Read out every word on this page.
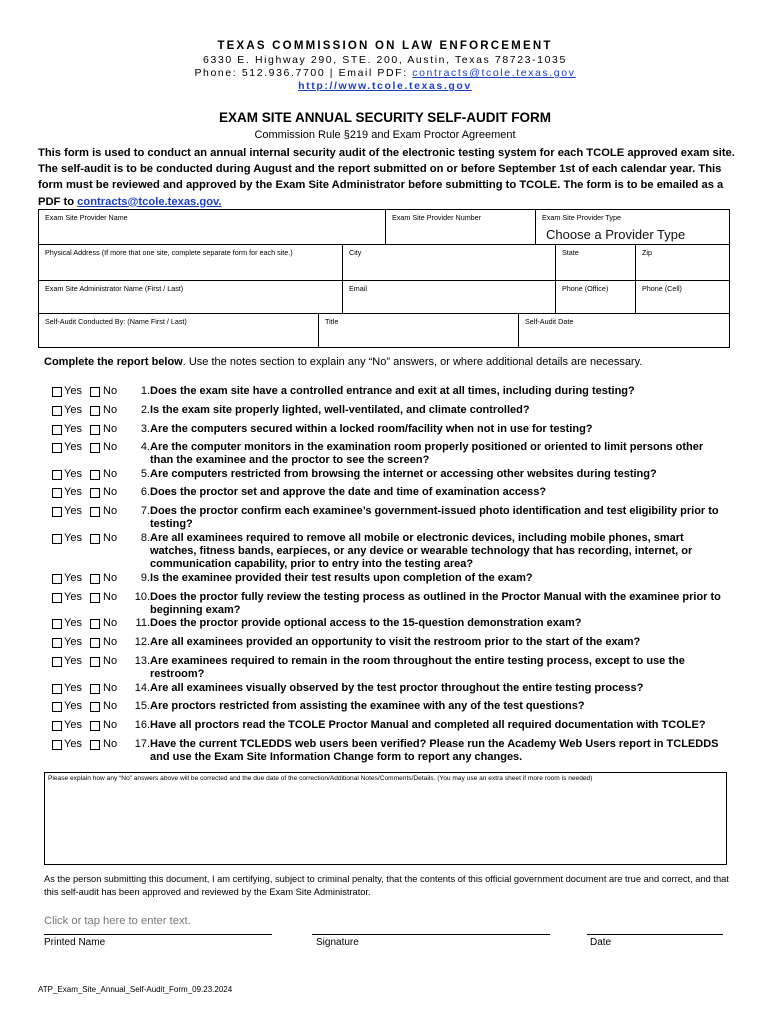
TEXAS COMMISSION ON LAW ENFORCEMENT
6330 E. Highway 290, STE. 200, Austin, Texas 78723-1035
Phone: 512.936.7700 | Email PDF: contracts@tcole.texas.gov
http://www.tcole.texas.gov
EXAM SITE ANNUAL SECURITY SELF-AUDIT FORM
Commission Rule §219 and Exam Proctor Agreement
This form is used to conduct an annual internal security audit of the electronic testing system for each TCOLE approved exam site. The self-audit is to be conducted during August and the report submitted on or before September 1st of each calendar year. This form must be reviewed and approved by the Exam Site Administrator before submitting to TCOLE. The form is to be emailed as a PDF to contracts@tcole.texas.gov.
Exam Site Provider Name	Exam Site Provider Number	Exam Site Provider Type
Choose a Provider Type
Physical Address (If more that one site, complete separate form for each site.)	City	State	Zip
Exam Site Administrator Name (First / Last)	Email	Phone (Office)	Phone (Cell)
Self-Audit Conducted By: (Name First / Last)	Title	Self-Audit Date
Complete the report below. Use the notes section to explain any “No” answers, or where additional details are necessary.
Yes No	1. Does the exam site have a controlled entrance and exit at all times, including during testing?
Yes No	2. Is the exam site properly lighted, well-ventilated, and climate controlled?
Yes No	3. Are the computers secured within a locked room/facility when not in use for testing?
Yes No	4. Are the computer monitors in the examination room properly positioned or oriented to limit persons other than the examinee and the proctor to see the screen?
Yes No	5. Are computers restricted from browsing the internet or accessing other websites during testing?
Yes No	6. Does the proctor set and approve the date and time of examination access?
Yes No	7. Does the proctor confirm each examinee’s government-issued photo identification and test eligibility prior to testing?
Yes No	8. Are all examinees required to remove all mobile or electronic devices, including mobile phones, smart watches, fitness bands, earpieces, or any device or wearable technology that has recording, internet, or communication capability, prior to entry into the testing area?
Yes No	9. Is the examinee provided their test results upon completion of the exam?
Yes No 10. Does the proctor fully review the testing process as outlined in the Proctor Manual with the examinee prior to beginning exam?
Yes No	11. Does the proctor provide optional access to the 15-question demonstration exam?
Yes No 12. Are all examinees provided an opportunity to visit the restroom prior to the start of the exam?
Yes No 13. Are examinees required to remain in the room throughout the entire testing process, except to use the restroom?
Yes No 14. Are all examinees visually observed by the test proctor throughout the entire testing process?
Yes No 15. Are proctors restricted from assisting the examinee with any of the test questions?
Yes No 16. Have all proctors read the TCOLE Proctor Manual and completed all required documentation with TCOLE?
Yes No 17. Have the current TCLEDDS web users been verified? Please run the Academy Web Users report in TCLEDDS and use the Exam Site Information Change form to report any changes.
Please explain how any “No” answers above will be corrected and the due date of the correction/Additional Notes/Comments/Details. (You may use an extra sheet if more room is needed)
As the person submitting this document, I am certifying, subject to criminal penalty, that the contents of this official government document are true and correct, and that this self-audit has been approved and reviewed by the Exam Site Administrator.
Click or tap here to enter text.
Printed Name	Signature	Date
ATP_Exam_Site_Annual_Self-Audit_Form_09.23.2024
